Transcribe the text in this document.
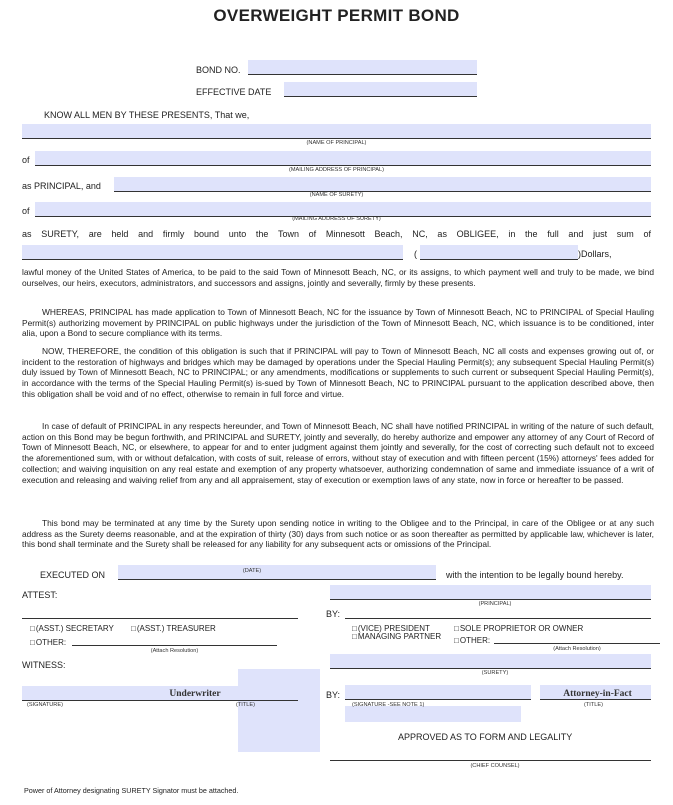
OVERWEIGHT PERMIT BOND
BOND NO.
EFFECTIVE DATE
KNOW ALL MEN BY THESE PRESENTS, That we,
(NAME OF PRINCIPAL)
of
(MAILING ADDRESS OF PRINCIPAL)
as PRINCIPAL, and
(NAME OF SURETY)
of
(MAILING ADDRESS OF SURETY)
as SURETY, are held and firmly bound unto the Town of Minnesott Beach, NC, as OBLIGEE, in the full and just sum of
(	)Dollars,
lawful money of the United States of America, to be paid to the said Town of Minnesott Beach, NC, or its assigns, to which payment well and truly to be made, we bind ourselves, our heirs, executors, administrators, and successors and assigns, jointly and severally, firmly by these presents.
WHEREAS, PRINCIPAL has made application to Town of Minnesott Beach, NC for the issuance by Town of Minnesott Beach, NC to PRINCIPAL of Special Hauling Permit(s) authorizing movement by PRINCIPAL on public highways under the jurisdiction of the Town of Minnesott Beach, NC, which issuance is to be conditioned, inter alia, upon a Bond to secure compliance with its terms.
NOW, THEREFORE, the condition of this obligation is such that if PRINCIPAL will pay to Town of Minnesott Beach, NC all costs and expenses growing out of, or incident to the restoration of highways and bridges which may be damaged by operations under the Special Hauling Permit(s); any subsequent Special Hauling Permit(s) duly issued by Town of Minnesott Beach, NC to PRINCIPAL; or any amendments, modifications or supplements to such current or subsequent Special Hauling Permit(s), in accordance with the terms of the Special Hauling Permit(s) is-sued by Town of Minnesott Beach, NC to PRINCIPAL pursuant to the application described above, then this obligation shall be void and of no effect, otherwise to remain in full force and virtue.
In case of default of PRINCIPAL in any respects hereunder, and Town of Minnesott Beach, NC shall have notified PRINCIPAL in writing of the nature of such default, action on this Bond may be begun forthwith, and PRINCIPAL and SURETY, jointly and severally, do hereby authorize and empower any attorney of any Court of Record of Town of Minnesott Beach, NC, or elsewhere, to appear for and to enter judgment against them jointly and severally, for the cost of correcting such default not to exceed the aforementioned sum, with or without defalcation, with costs of suit, release of errors, without stay of execution and with fifteen percent (15%) attorneys' fees added for collection; and waiving inquisition on any real estate and exemption of any property whatsoever, authorizing condemnation of same and immediate issuance of a writ of execution and releasing and waiving relief from any and all appraisement, stay of execution or exemption laws of any state, now in force or hereafter to be passed.
This bond may be terminated at any time by the Surety upon sending notice in writing to the Obligee and to the Principal, in care of the Obligee or at any such address as the Surety deems reasonable, and at the expiration of thirty (30) days from such notice or as soon thereafter as permitted by applicable law, whichever is later, this bond shall terminate and the Surety shall be released for any liability for any subsequent acts or omissions of the Principal.
EXECUTED ON	(DATE)	with the intention to be legally bound hereby.
ATTEST:
(PRINCIPAL)
BY:
□ (ASST.) SECRETARY □	(ASST.) TREASURER
□ OTHER:
(Attach Resolution)
□ (VICE) PRESIDENT □	SOLE PROPRIETOR OR OWNER
□ MANAGING PARTNER □	OTHER:
(Attach Resolution)
WITNESS:
(SURETY)
Underwriter
(SIGNATURE)	(TITLE)
BY:	Attorney-in-Fact
(SIGNATURE -SEE NOTE 1)	(TITLE)
APPROVED AS TO FORM AND LEGALITY
(CHIEF COUNSEL)
Power of Attorney designating SURETY Signator must be attached.
